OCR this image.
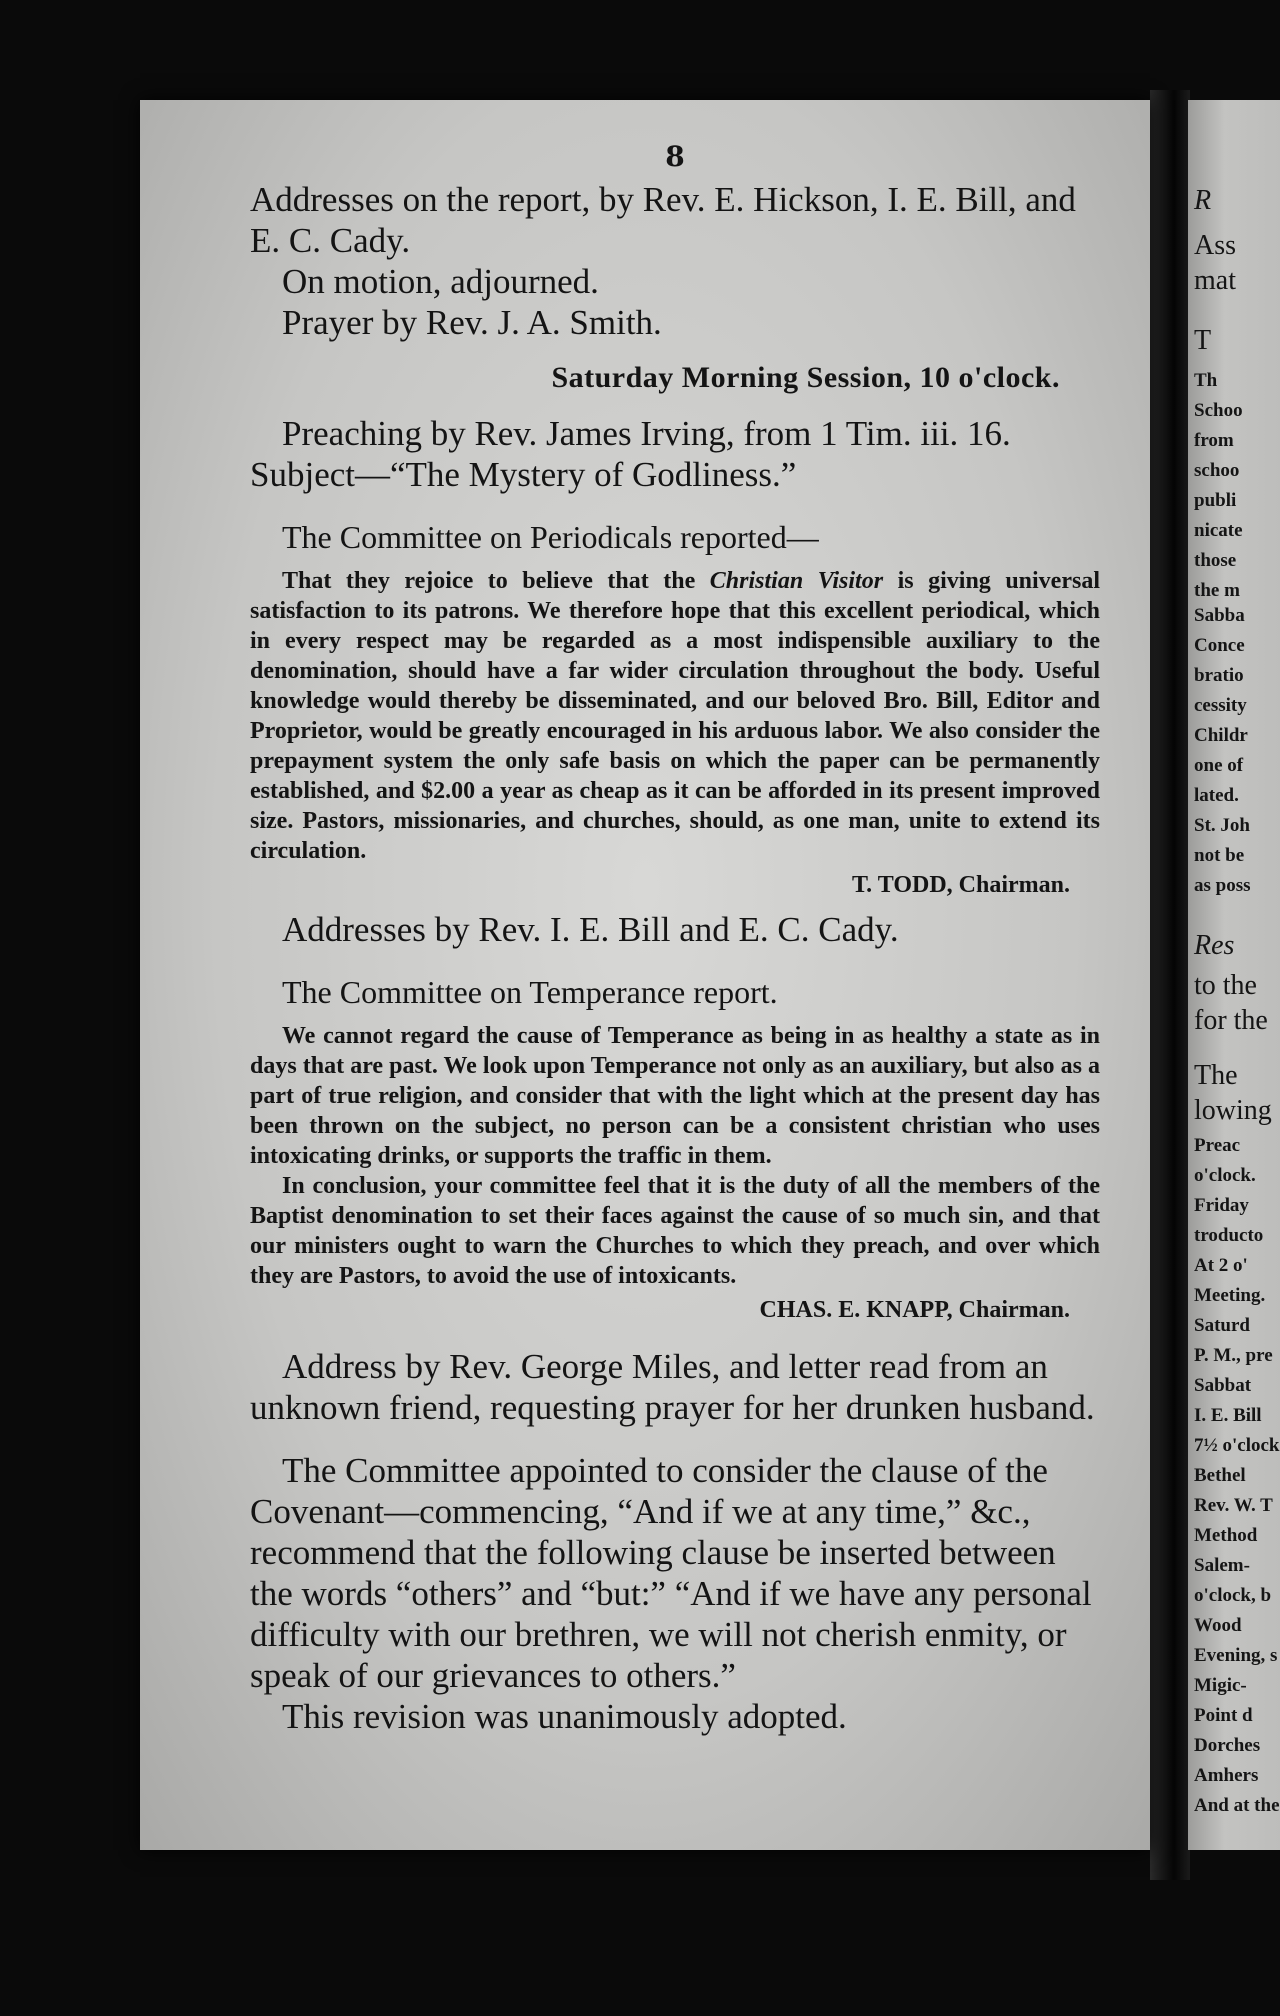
8

Addresses on the report, by Rev. E. Hickson, I. E. Bill, and E. C. Cady.

On motion, adjourned.

Prayer by Rev. J. A. Smith.

Saturday Morning Session, 10 o'clock.

Preaching by Rev. James Irving, from 1 Tim. iii. 16. Subject—“The Mystery of Godliness.”

The Committee on Periodicals reported—

That they rejoice to believe that the Christian Visitor is giving universal satisfaction to its patrons. We therefore hope that this excellent periodical, which in every respect may be regarded as a most indispensible auxiliary to the denomination, should have a far wider circulation throughout the body. Useful knowledge would thereby be disseminated, and our beloved Bro. Bill, Editor and Proprietor, would be greatly encouraged in his arduous labor. We also consider the prepayment system the only safe basis on which the paper can be permanently established, and $2.00 a year as cheap as it can be afforded in its present improved size. Pastors, missionaries, and churches, should, as one man, unite to extend its circulation.

T. TODD, Chairman.

Addresses by Rev. I. E. Bill and E. C. Cady.

The Committee on Temperance report.

We cannot regard the cause of Temperance as being in as healthy a state as in days that are past. We look upon Temperance not only as an auxiliary, but also as a part of true religion, and consider that with the light which at the present day has been thrown on the subject, no person can be a consistent christian who uses intoxicating drinks, or supports the traffic in them.

In conclusion, your committee feel that it is the duty of all the members of the Baptist denomination to set their faces against the cause of so much sin, and that our ministers ought to warn the Churches to which they preach, and over which they are Pastors, to avoid the use of intoxicants.

CHAS. E. KNAPP, Chairman.

Address by Rev. George Miles, and letter read from an unknown friend, requesting prayer for her drunken husband.

The Committee appointed to consider the clause of the Covenant—commencing, “And if we at any time,” &c., recommend that the following clause be inserted between the words “others” and “but:” “And if we have any personal difficulty with our brethren, we will not cherish enmity, or speak of our grievances to others.”

This revision was unanimously adopted.

R
Ass
mat
T
Th
Schoo
from
schoo
publi
nicate
those
the m
Sabba
Conce
bratio
cessity
Childr
one of
lated.
St. Joh
not be
as poss
Res
to the
for the
The
lowing
Preac
o'clock.
Friday
troducto
At 2 o'
Meeting.
Saturd
P. M., pre
Sabbat
I. E. Bill
7½ o'clock
Bethel
Rev. W. T
Method
Salem-
o'clock, b
Wood
Evening, s
Migic-
Point d
Dorches
Amhers
And at the
